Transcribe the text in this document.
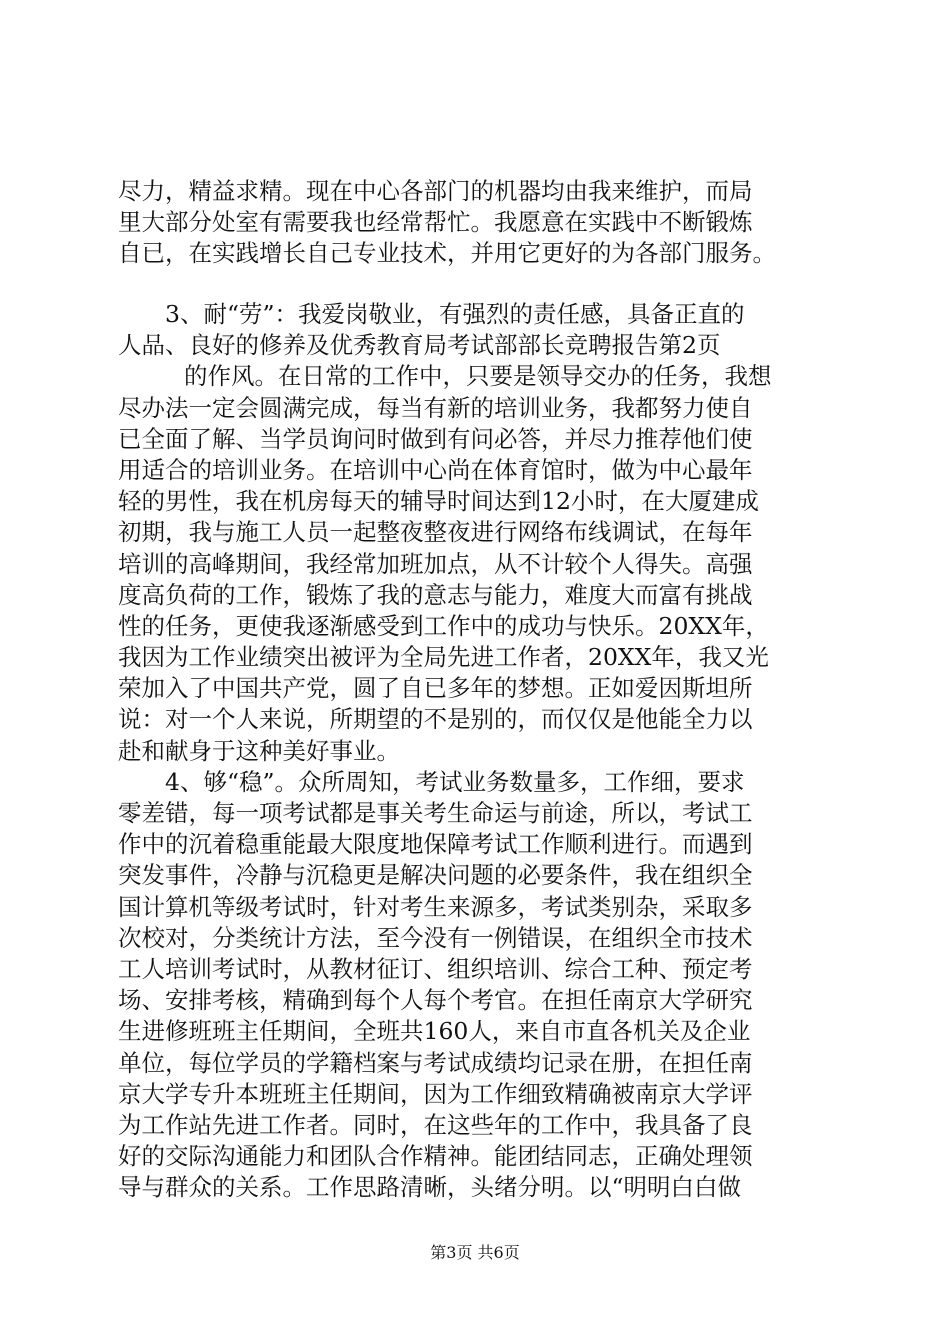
尽力，精益求精。现在中心各部门的机器均由我来维护，而局
里大部分处室有需要我也经常帮忙。我愿意在实践中不断锻炼
自已，在实践增长自己专业技术，并用它更好的为各部门服务。
3、耐“劳”：我爱岗敬业，有强烈的责任感，具备正直的
人品、良好的修养及优秀教育局考试部部长竞聘报告第2页
的作风。在日常的工作中，只要是领导交办的任务，我想
尽办法一定会圆满完成，每当有新的培训业务，我都努力使自
已全面了解、当学员询问时做到有问必答，并尽力推荐他们使
用适合的培训业务。在培训中心尚在体育馆时，做为中心最年
轻的男性，我在机房每天的辅导时间达到12小时，在大厦建成
初期，我与施工人员一起整夜整夜进行网络布线调试，在每年
培训的高峰期间，我经常加班加点，从不计较个人得失。高强
度高负荷的工作，锻炼了我的意志与能力，难度大而富有挑战
性的任务，更使我逐渐感受到工作中的成功与快乐。20XX年，
我因为工作业绩突出被评为全局先进工作者，20XX年，我又光
荣加入了中国共产党，圆了自已多年的梦想。正如爱因斯坦所
说：对一个人来说，所期望的不是别的，而仅仅是他能全力以
赴和献身于这种美好事业。
4、够“稳”。众所周知，考试业务数量多，工作细，要求
零差错，每一项考试都是事关考生命运与前途，所以，考试工
作中的沉着稳重能最大限度地保障考试工作顺利进行。而遇到
突发事件，冷静与沉稳更是解决问题的必要条件，我在组织全
国计算机等级考试时，针对考生来源多，考试类别杂，采取多
次校对，分类统计方法，至今没有一例错误，在组织全市技术
工人培训考试时，从教材征订、组织培训、综合工种、预定考
场、安排考核，精确到每个人每个考官。在担任南京大学研究
生进修班班主任期间，全班共160人，来自市直各机关及企业
单位，每位学员的学籍档案与考试成绩均记录在册，在担任南
京大学专升本班班主任期间，因为工作细致精确被南京大学评
为工作站先进工作者。同时，在这些年的工作中，我具备了良
好的交际沟通能力和团队合作精神。能团结同志，正确处理领
导与群众的关系。工作思路清晰，头绪分明。以“明明白白做
第3页 共6页
